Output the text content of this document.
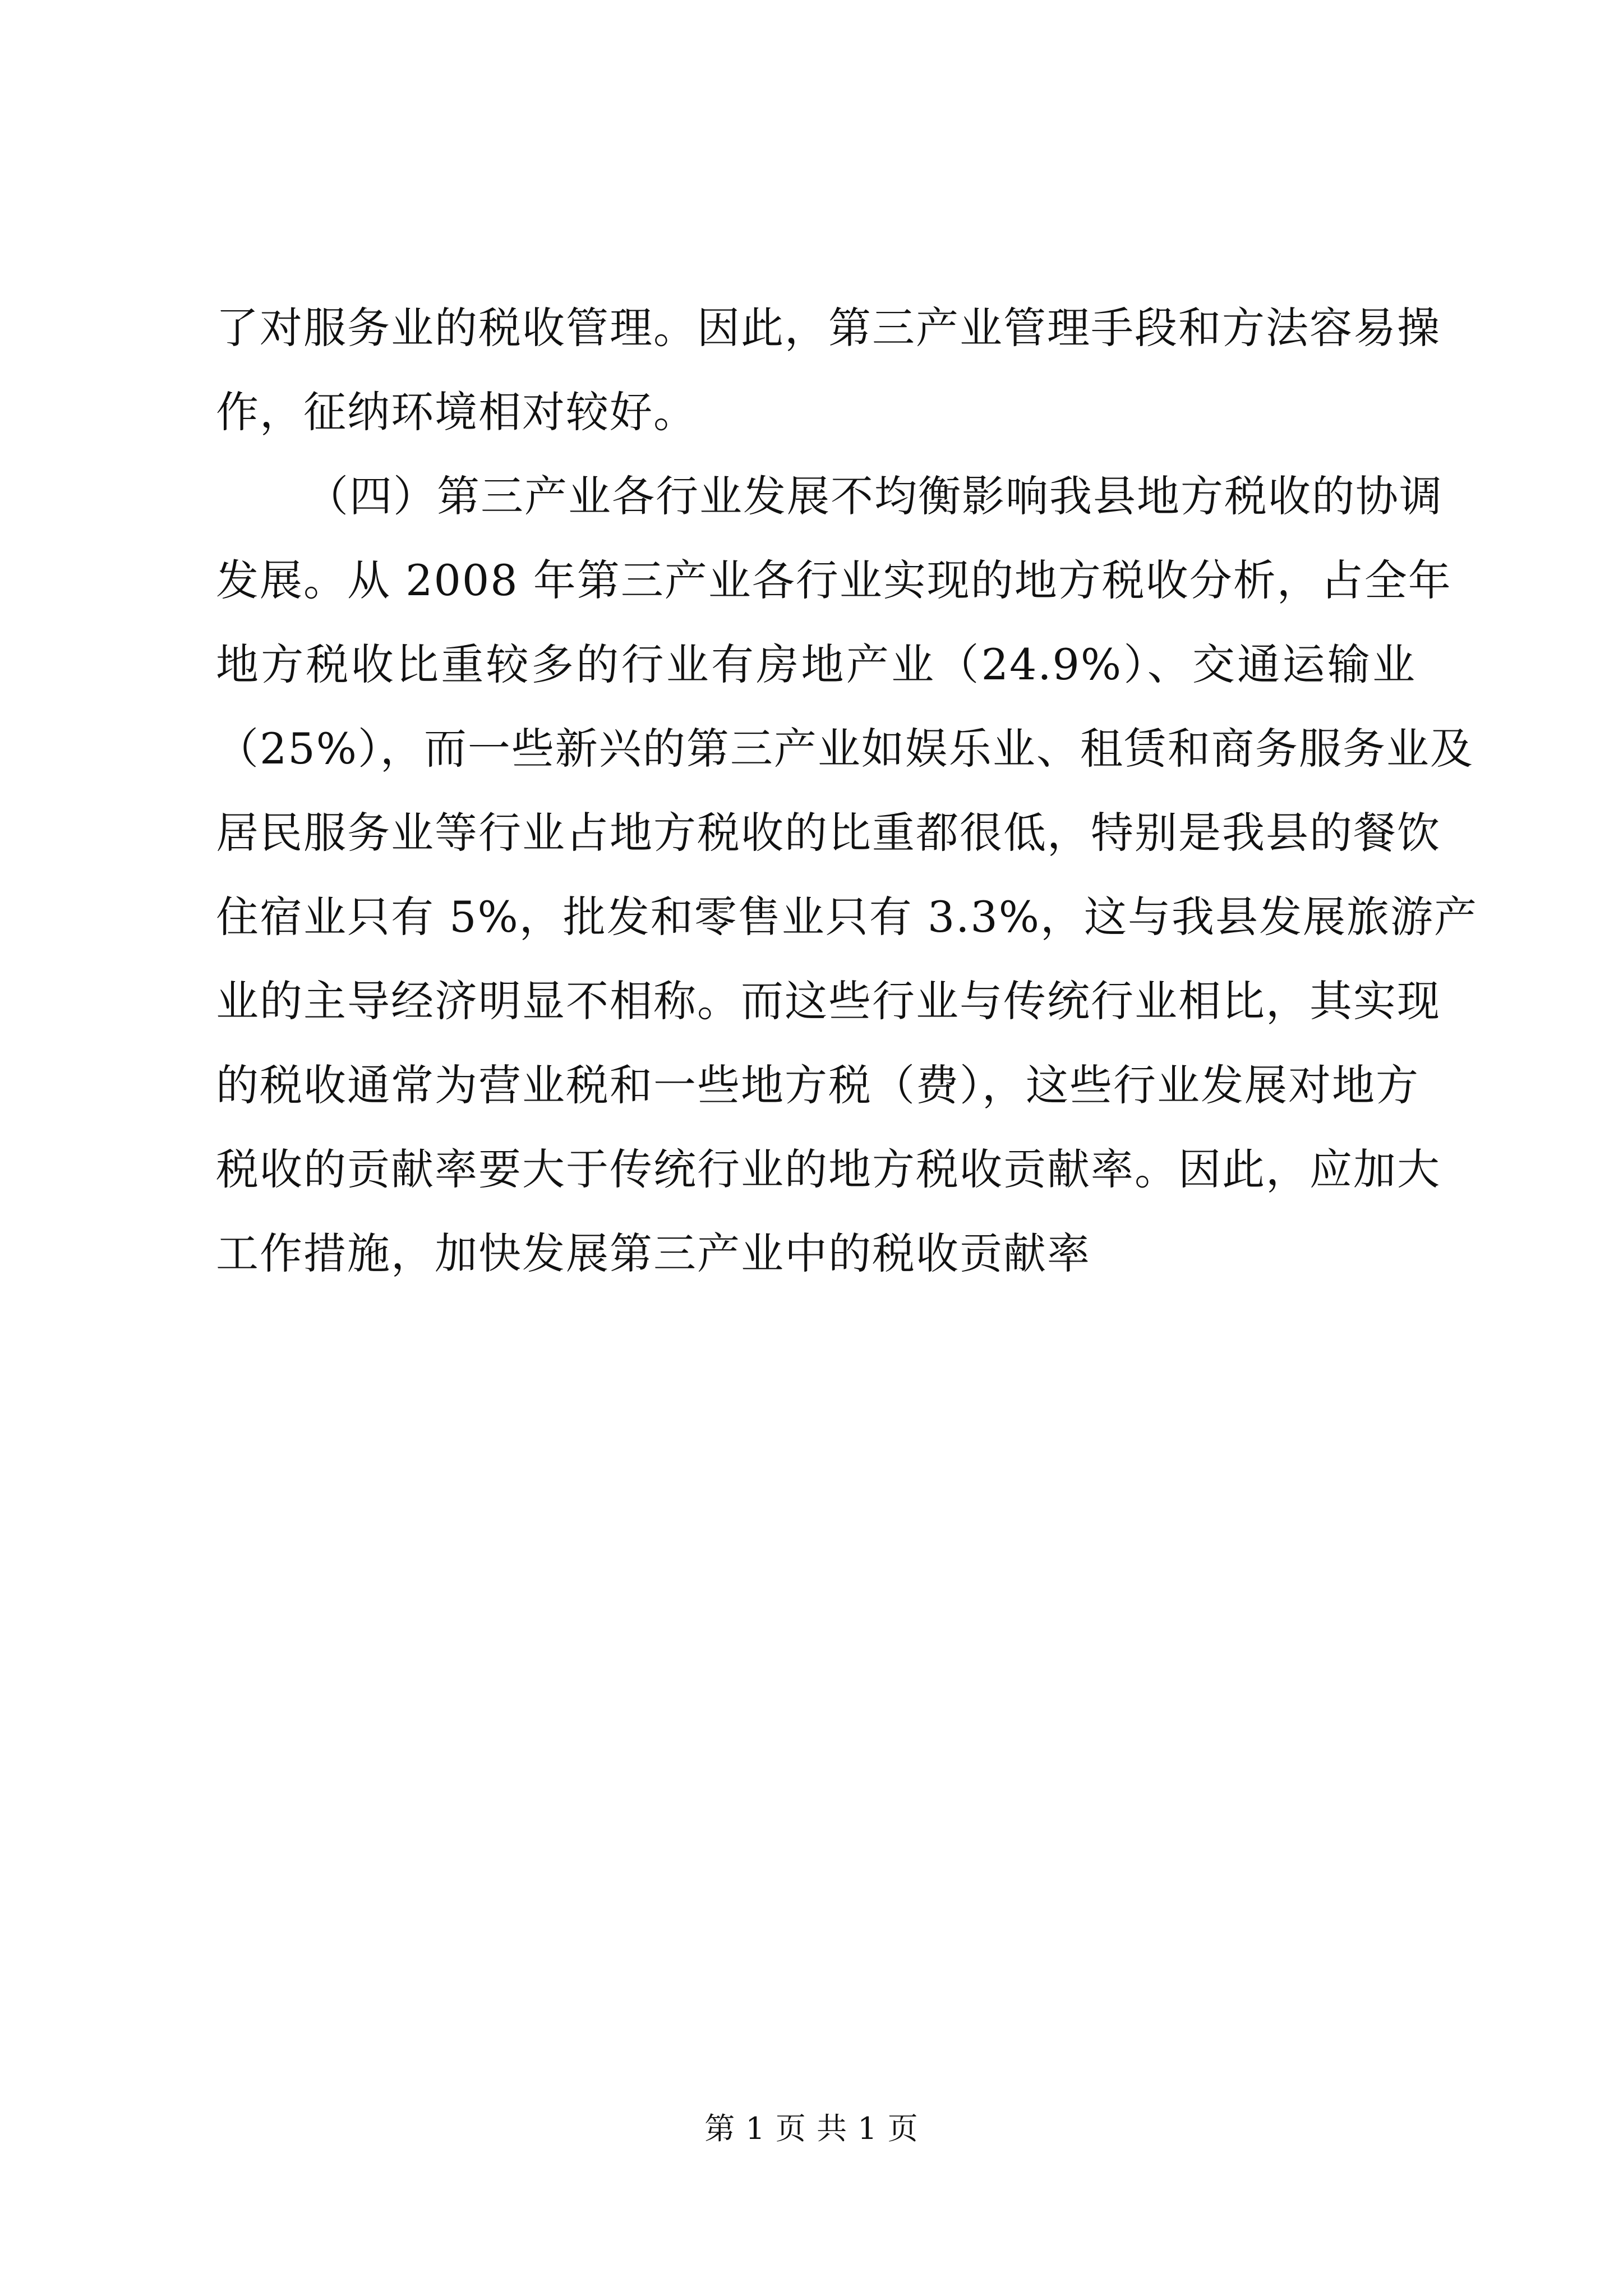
了对服务业的税收管理。因此，第三产业管理手段和方法容易操
作，征纳环境相对较好。
（四）第三产业各行业发展不均衡影响我县地方税收的协调
发展。从 2008 年第三产业各行业实现的地方税收分析，占全年
地方税收比重较多的行业有房地产业（24.9%）、交通运输业
（25%），而一些新兴的第三产业如娱乐业、租赁和商务服务业及
居民服务业等行业占地方税收的比重都很低，特别是我县的餐饮
住宿业只有 5%，批发和零售业只有 3.3%，这与我县发展旅游产
业的主导经济明显不相称。而这些行业与传统行业相比，其实现
的税收通常为营业税和一些地方税（费），这些行业发展对地方
税收的贡献率要大于传统行业的地方税收贡献率。因此，应加大
工作措施，加快发展第三产业中的税收贡献率
第 1 页 共 1 页
